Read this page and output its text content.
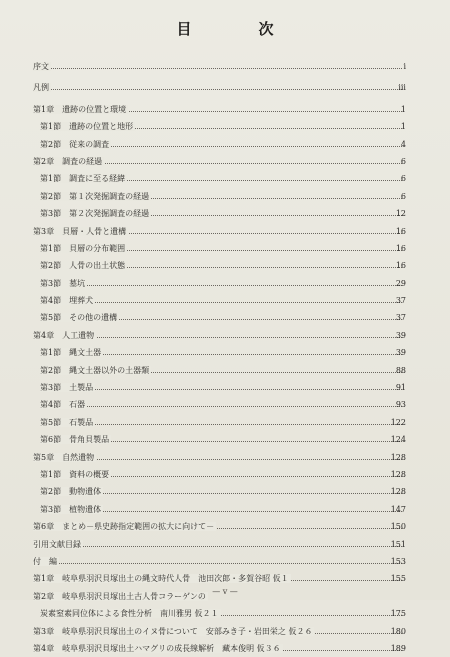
目　次
序文	i
凡例	iii
第1章　遺跡の位置と環境	1
第1節　遺跡の位置と地形	1
第2節　従来の調査	4
第2章　調査の経過	6
第1節　調査に至る経緯	6
第2節　第１次発掘調査の経過	6
第3節　第２次発掘調査の経過	12
第3章　貝層・人骨と遺構	16
第1節　貝層の分布範囲	16
第2節　人骨の出土状態	16
第3節　墓坑	29
第4節　埋葬犬	37
第5節　その他の遺構	37
第4章　人工遺物	39
第1節　縄文土器	39
第2節　縄文土器以外の土器類	88
第3節　土製品	91
第4節　石器	93
第5節　石製品	122
第6節　骨角貝製品	124
第5章　自然遺物	128
第1節　資料の概要	128
第2節　動物遺体	128
第3節　植物遺体	147
第6章　まとめ－県史跡指定範囲の拡大に向けて－	150
引用文献目録	151
付　編	153
第1章　岐阜県羽沢貝塚出土の縄文時代人骨　池田次郎・多賀谷昭 仮１	155
第2章　岐阜県羽沢貝塚出土古人骨コラーゲンの
炭素窒素同位体による食性分析　南川雅男 仮２１	175
第3章　岐阜県羽沢貝塚出土のイヌ骨について　安部みき子・岩田栄之 仮２６	180
第4章　岐阜県羽沢貝塚出土ハマグリの成長線解析　藏本俊明 仮３６	189
— v —
